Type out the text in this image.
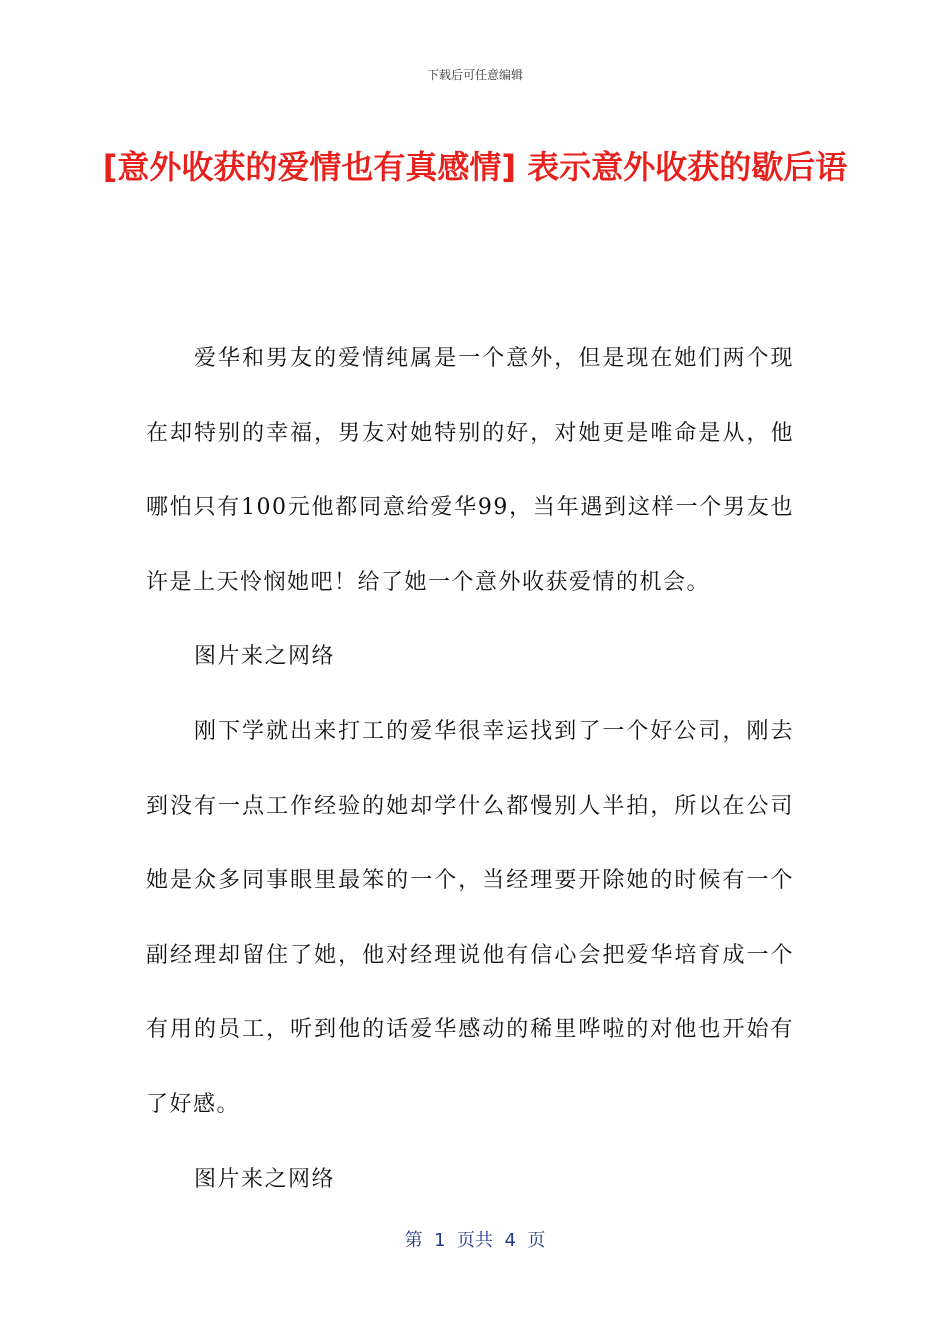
下载后可任意编辑
[意外收获的爱情也有真感情] 表示意外收获的歇后语

爱华和男友的爱情纯属是一个意外，但是现在她们两个现在却特别的幸福，男友对她特别的好，对她更是唯命是从，他哪怕只有100元他都同意给爱华99，当年遇到这样一个男友也许是上天怜悯她吧！给了她一个意外收获爱情的机会。

图片来之网络

刚下学就出来打工的爱华很幸运找到了一个好公司，刚去到没有一点工作经验的她却学什么都慢别人半拍，所以在公司她是众多同事眼里最笨的一个，当经理要开除她的时候有一个副经理却留住了她，他对经理说他有信心会把爱华培育成一个有用的员工，听到他的话爱华感动的稀里哗啦的对他也开始有了好感。

图片来之网络

第  1  页共  4  页
